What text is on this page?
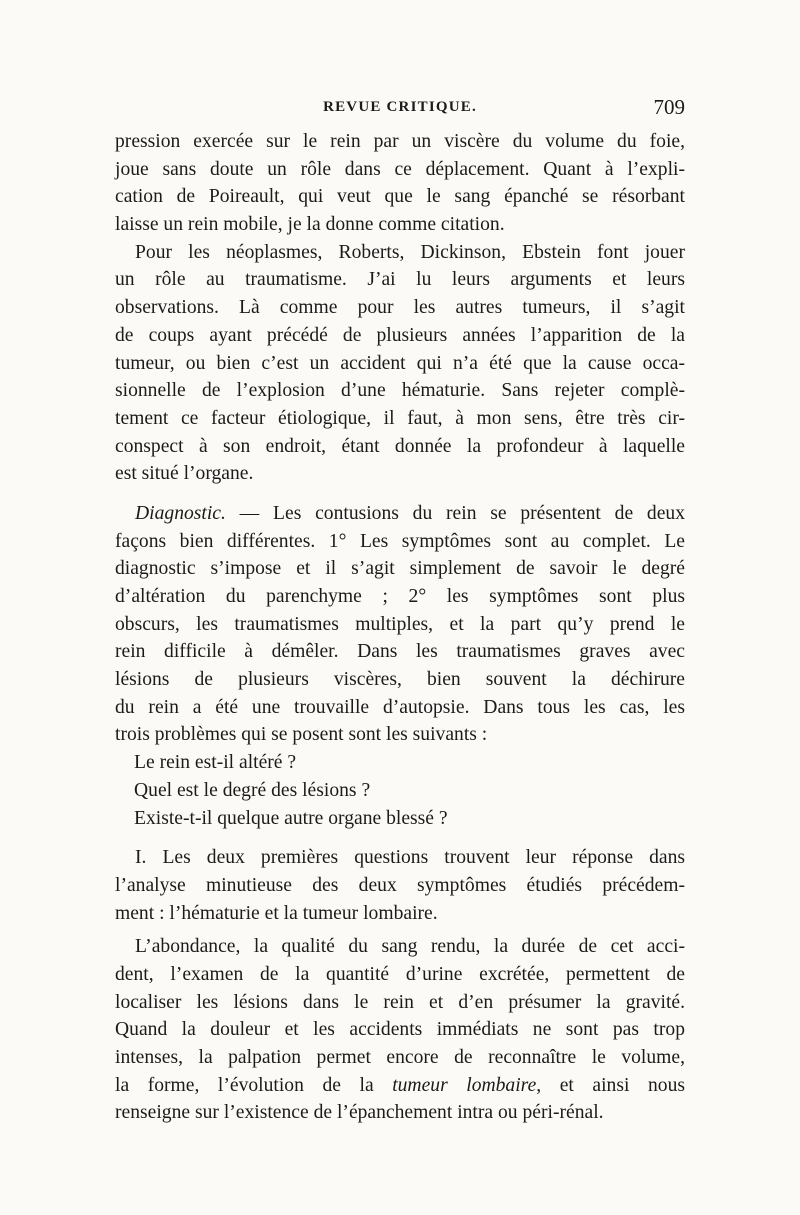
REVUE CRITIQUE.	709
pression exercée sur le rein par un viscère du volume du foie,
joue sans doute un rôle dans ce déplacement. Quant à l’expli-
cation de Poireault, qui veut que le sang épanché se résorbant
laisse un rein mobile, je la donne comme citation.
Pour les néoplasmes, Roberts, Dickinson, Ebstein font jouer
un rôle au traumatisme. J’ai lu leurs arguments et leurs
observations. Là comme pour les autres tumeurs, il s’agit
de coups ayant précédé de plusieurs années l’apparition de la
tumeur, ou bien c’est un accident qui n’a été que la cause occa-
sionnelle de l’explosion d’une hématurie. Sans rejeter complè-
tement ce facteur étiologique, il faut, à mon sens, être très cir-
conspect à son endroit, étant donnée la profondeur à laquelle
est situé l’organe.
Diagnostic. — Les contusions du rein se présentent de deux
façons bien différentes. 1° Les symptômes sont au complet. Le
diagnostic s’impose et il s’agit simplement de savoir le degré
d’altération du parenchyme ; 2° les symptômes sont plus
obscurs, les traumatismes multiples, et la part qu’y prend le
rein difficile à démêler. Dans les traumatismes graves avec
lésions de plusieurs viscères, bien souvent la déchirure
du rein a été une trouvaille d’autopsie. Dans tous les cas, les
trois problèmes qui se posent sont les suivants :
Le rein est-il altéré ?
Quel est le degré des lésions ?
Existe-t-il quelque autre organe blessé ?
I. Les deux premières questions trouvent leur réponse dans
l’analyse minutieuse des deux symptômes étudiés précédem-
ment : l’hématurie et la tumeur lombaire.
L’abondance, la qualité du sang rendu, la durée de cet acci-
dent, l’examen de la quantité d’urine excrétée, permettent de
localiser les lésions dans le rein et d’en présumer la gravité.
Quand la douleur et les accidents immédiats ne sont pas trop
intenses, la palpation permet encore de reconnaître le volume,
la forme, l’évolution de la tumeur lombaire, et ainsi nous
renseigne sur l’existence de l’épanchement intra ou péri-rénal.
